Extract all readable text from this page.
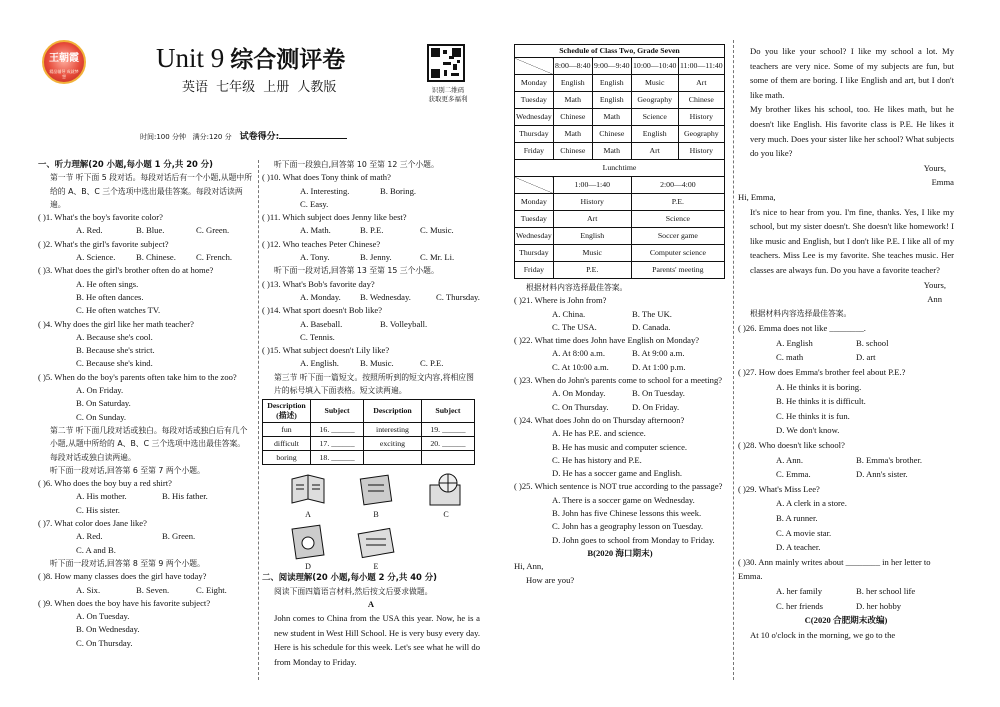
王朝霞
精品辅导 成就梦想
Unit 9 综合测评卷
英语 七年级 上册 人教版	识别二维码
获取更多福利
时间:100 分钟 满分:120 分 试卷得分:
一、听力理解(20 小题,每小题 1 分,共 20 分)
第一节 听下面 5 段对话。每段对话后有一个小题,从题中所给的 A、B、C 三个选项中选出最佳答案。每段对话读两遍。
( )1. What's the boy's favorite color?
A. Red.	B. Blue.	C. Green.
( )2. What's the girl's favorite subject?
A. Science. B. Chinese. C. French.
( )3. What does the girl's brother often do at home?
A. He often sings.
B. He often dances.
C. He often watches TV.
( )4. Why does the girl like her math teacher?
A. Because she's cool.
B. Because she's strict.
C. Because she's kind.
( )5. When do the boy's parents often take him to the zoo?
A. On Friday.
B. On Saturday.
C. On Sunday.
第二节 听下面几段对话或独白。每段对话或独白后有几个小题,从题中所给的 A、B、C 三个选项中选出最佳答案。每段对话或独白读两遍。
听下面一段对话,回答第 6 至第 7 两个小题。
( )6. Who does the boy buy a red shirt?
A. His mother.	B. His father.
C. His sister.
( )7. What color does Jane like?
A. Red.	B. Green.
C. A and B.
听下面一段对话,回答第 8 至第 9 两个小题。
( )8. How many classes does the girl have today?
A. Six.	B. Seven.	C. Eight.
( )9. When does the boy have his favorite subject?
A. On Tuesday.
B. On Wednesday.
C. On Thursday.
听下面一段独白,回答第 10 至第 12 三个小题。
( )10. What does Tony think of math?
A. Interesting.	B. Boring.
C. Easy.
( )11. Which subject does Jenny like best?
A. Math.	B. P.E.	C. Music.
( )12. Who teaches Peter Chinese?
A. Tony.	B. Jenny.	C. Mr. Li.
听下面一段对话,回答第 13 至第 15 三个小题。
( )13. What's Bob's favorite day?
A. Monday. B. Wednesday.	C. Thursday.
( )14. What sport doesn't Bob like?
A. Baseball.	B. Volleyball.
C. Tennis.
( )15. What subject doesn't Lily like?
A. English. B. Music.	C. P.E.
第三节 听下面一篇短文。按照所听到的短文内容,将相应图片的标号填入下面表格。短文读两遍。
Description
(描述)	Subject	Description	Subject
fun	16. ______	interesting	19. ______
difficult	17. ______	exciting	20. ______
boring	18. ______		
A	B	C
D	E
二、阅读理解(20 小题,每小题 2 分,共 40 分)
阅读下面四篇语言材料,然后按文后要求做题。
A
John comes to China from the USA this year. Now, he is a new student in West Hill School. He is very busy every day. Here is his schedule for this week. Let's see what he will do from Monday to Friday.
Schedule of Class Two, Grade Seven				
	8:00—8:40	9:00—9:40	10:00—10:40	11:00—11:40
Monday	English	English	Music	Art
Tuesday	Math	English	Geography	Chinese
Wednesday	Chinese	Math	Science	History
Thursday	Math	Chinese	English	Geography
Friday	Chinese	Math	Art	History
Lunchtime				
	1:00—1:40		2:00—4:00	
Monday	History		P.E.	
Tuesday	Art		Science	
Wednesday	English		Soccer game	
Thursday	Music		Computer science	
Friday	P.E.		Parents' meeting	
根据材料内容选择最佳答案。
( )21. Where is John from?
A. China.	B. The UK.
C. The USA.	D. Canada.
( )22. What time does John have English on Monday?
A. At 8:00 a.m.	B. At 9:00 a.m.
C. At 10:00 a.m.	D. At 1:00 p.m.
( )23. When do John's parents come to school for a meeting?
A. On Monday.	B. On Tuesday.
C. On Thursday.	D. On Friday.
( )24. What does John do on Thursday afternoon?
A. He has P.E. and science.
B. He has music and computer science.
C. He has history and P.E.
D. He has a soccer game and English.
( )25. Which sentence is NOT true according to the passage?
A. There is a soccer game on Wednesday.
B. John has five Chinese lessons this week.
C. John has a geography lesson on Tuesday.
D. John goes to school from Monday to Friday.
B(2020 海口期末)
Hi, Ann,
How are you?
Do you like your school? I like my school a lot. My teachers are very nice. Some of my subjects are fun, but some of them are boring. I like English and art, but I don't like math.
My brother likes his school, too. He likes math, but he doesn't like English. His favorite class is P.E. He likes it very much. Does your sister like her school? What subjects do you like?
Yours,
Emma
Hi, Emma,
It's nice to hear from you. I'm fine, thanks. Yes, I like my school, but my sister doesn't. She doesn't like homework! I like music and English, but I don't like P.E. I like all of my teachers. Miss Lee is my favorite. She teaches music. Her classes are always fun. Do you have a favorite teacher?
Yours,
Ann
根据材料内容选择最佳答案。
( )26. Emma does not like ________.
A. English	B. school
C. math	D. art
( )27. How does Emma's brother feel about P.E.?
A. He thinks it is boring.
B. He thinks it is difficult.
C. He thinks it is fun.
D. We don't know.
( )28. Who doesn't like school?
A. Ann.	B. Emma's brother.
C. Emma.	D. Ann's sister.
( )29. What's Miss Lee?
A. A clerk in a store.
B. A runner.
C. A movie star.
D. A teacher.
( )30. Ann mainly writes about ________ in her letter to Emma.
A. her family	B. her school life
C. her friends	D. her hobby
C(2020 合肥期末改编)
At 10 o'clock in the morning, we go to the
